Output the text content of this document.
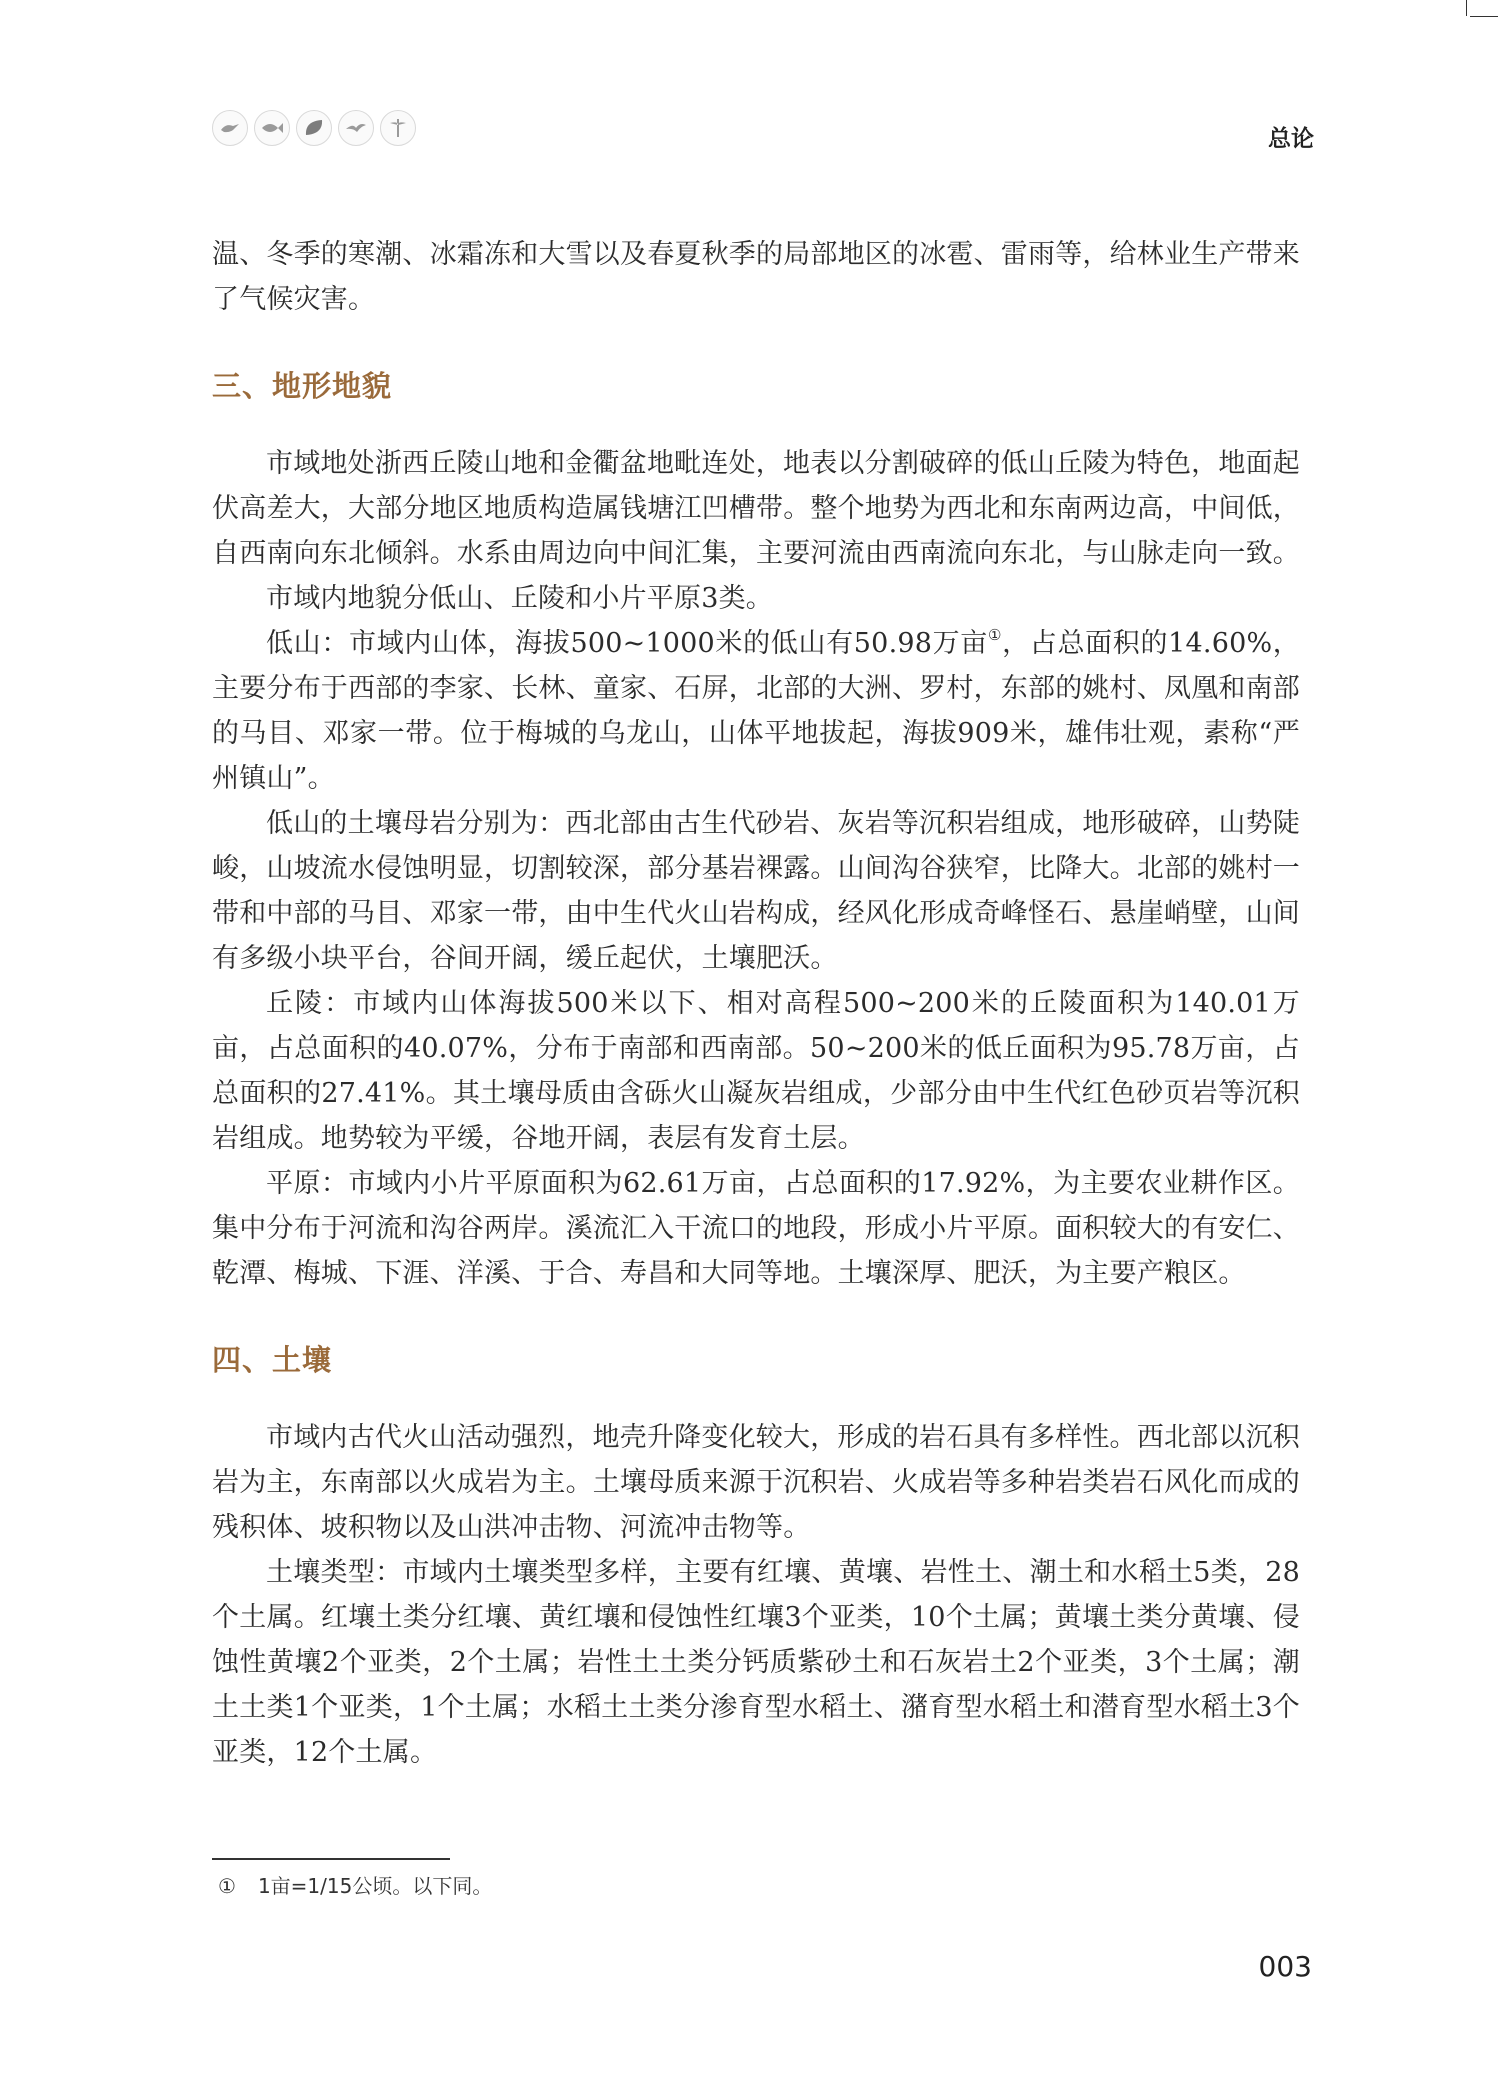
总论

温、冬季的寒潮、冰霜冻和大雪以及春夏秋季的局部地区的冰雹、雷雨等，给林业生产带来了气候灾害。

三、地形地貌

市域地处浙西丘陵山地和金衢盆地毗连处，地表以分割破碎的低山丘陵为特色，地面起伏高差大，大部分地区地质构造属钱塘江凹槽带。整个地势为西北和东南两边高，中间低，自西南向东北倾斜。水系由周边向中间汇集，主要河流由西南流向东北，与山脉走向一致。

市域内地貌分低山、丘陵和小片平原3类。

低山：市域内山体，海拔500~1000米的低山有50.98万亩①，占总面积的14.60%，主要分布于西部的李家、长林、童家、石屏，北部的大洲、罗村，东部的姚村、凤凰和南部的马目、邓家一带。位于梅城的乌龙山，山体平地拔起，海拔909米，雄伟壮观，素称“严州镇山”。

低山的土壤母岩分别为：西北部由古生代砂岩、灰岩等沉积岩组成，地形破碎，山势陡峻，山坡流水侵蚀明显，切割较深，部分基岩裸露。山间沟谷狭窄，比降大。北部的姚村一带和中部的马目、邓家一带，由中生代火山岩构成，经风化形成奇峰怪石、悬崖峭壁，山间有多级小块平台，谷间开阔，缓丘起伏，土壤肥沃。

丘陵：市域内山体海拔500米以下、相对高程500~200米的丘陵面积为140.01万亩，占总面积的40.07%，分布于南部和西南部。50~200米的低丘面积为95.78万亩，占总面积的27.41%。其土壤母质由含砾火山凝灰岩组成，少部分由中生代红色砂页岩等沉积岩组成。地势较为平缓，谷地开阔，表层有发育土层。

平原：市域内小片平原面积为62.61万亩，占总面积的17.92%，为主要农业耕作区。集中分布于河流和沟谷两岸。溪流汇入干流口的地段，形成小片平原。面积较大的有安仁、乾潭、梅城、下涯、洋溪、于合、寿昌和大同等地。土壤深厚、肥沃，为主要产粮区。

四、土壤

市域内古代火山活动强烈，地壳升降变化较大，形成的岩石具有多样性。西北部以沉积岩为主，东南部以火成岩为主。土壤母质来源于沉积岩、火成岩等多种岩类岩石风化而成的残积体、坡积物以及山洪冲击物、河流冲击物等。

土壤类型：市域内土壤类型多样，主要有红壤、黄壤、岩性土、潮土和水稻土5类，28个土属。红壤土类分红壤、黄红壤和侵蚀性红壤3个亚类，10个土属；黄壤土类分黄壤、侵蚀性黄壤2个亚类，2个土属；岩性土土类分钙质紫砂土和石灰岩土2个亚类，3个土属；潮土土类1个亚类，1个土属；水稻土土类分渗育型水稻土、潴育型水稻土和潜育型水稻土3个亚类，12个土属。

① 1亩=1/15公顷。以下同。
003
